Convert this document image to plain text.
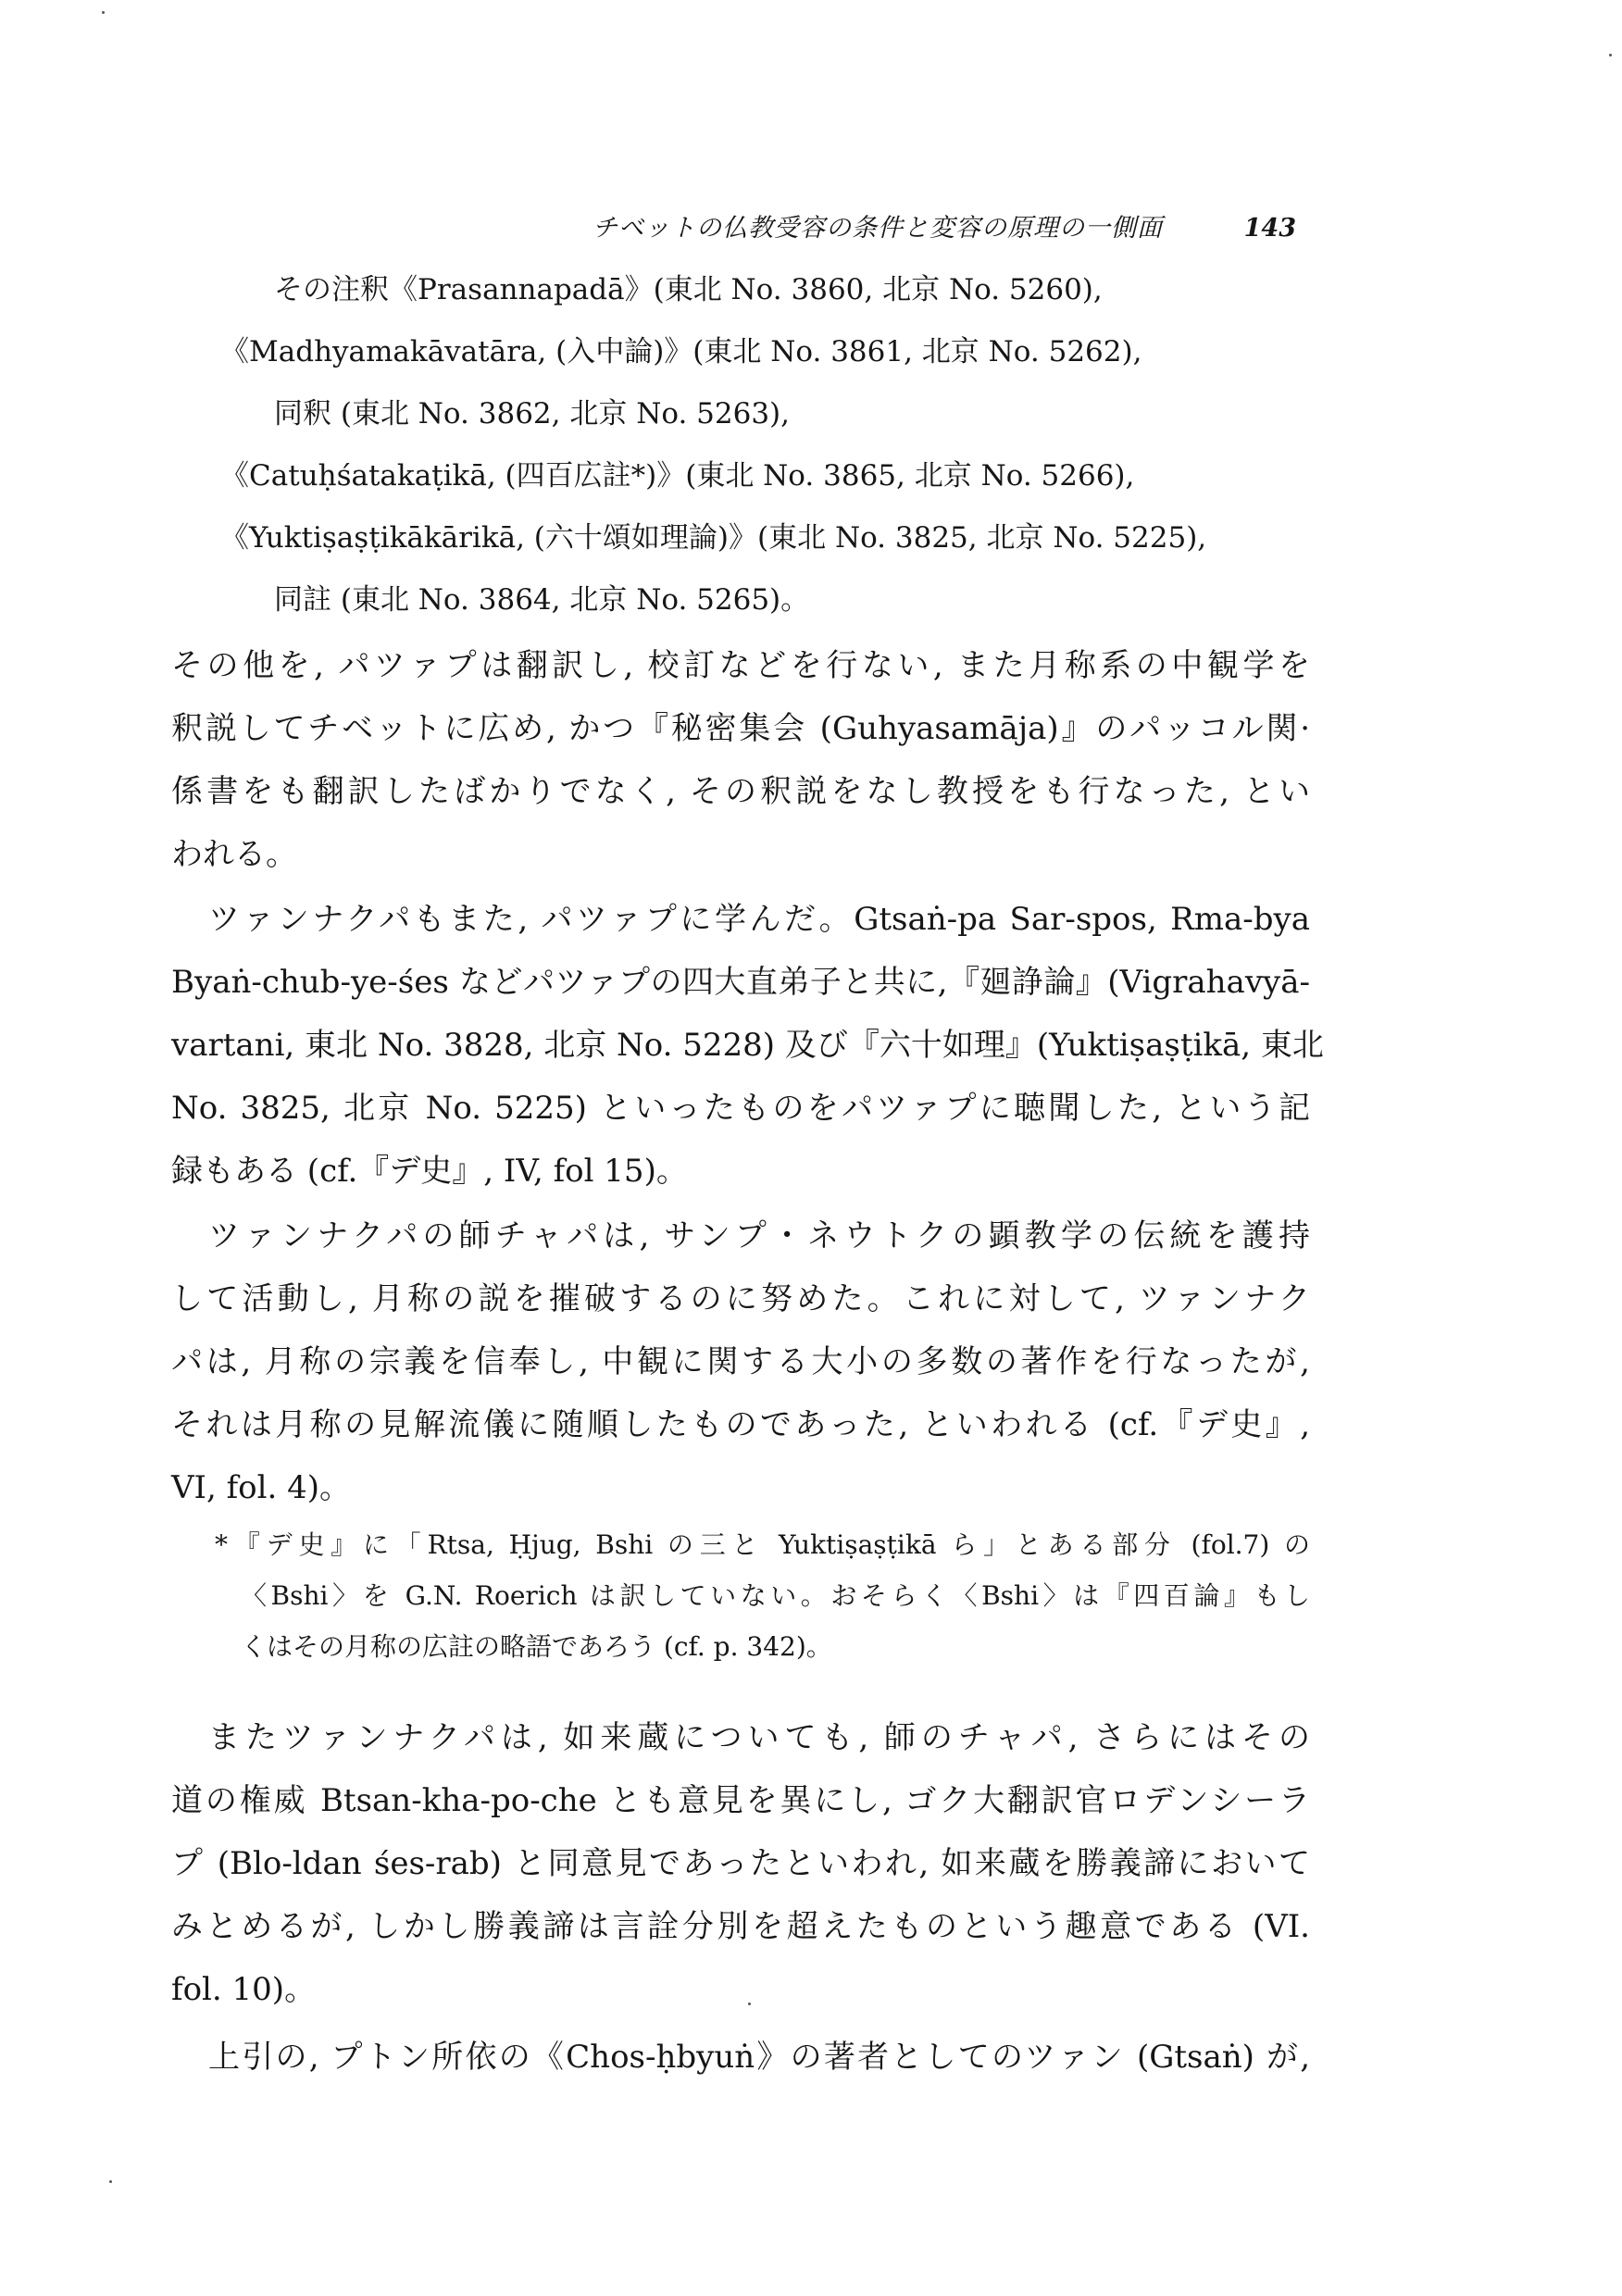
チベットの仏教受容の条件と変容の原理の一側面	143
その注釈《Prasannapadā》(東北 No. 3860, 北京 No. 5260),
《Madhyamakāvatāra, (入中論)》(東北 No. 3861, 北京 No. 5262),
同釈 (東北 No. 3862, 北京 No. 5263),
《Catuḥśatakaṭikā, (四百広註*)》(東北 No. 3865, 北京 No. 5266),
《Yuktiṣaṣṭikākārikā, (六十頌如理論)》(東北 No. 3825, 北京 No. 5225),
同註 (東北 No. 3864, 北京 No. 5265)。
その他を, パツァプは翻訳し, 校訂などを行ない, また月称系の中観学を
釈説してチベットに広め, かつ『秘密集会 (Guhyasamāja)』のパッコル関·
係書をも翻訳したばかりでなく, その釈説をなし教授をも行なった, とい
われる。
ツァンナクパもまた, パツァプに学んだ。Gtsaṅ-pa Sar-spos, Rma-bya
Byaṅ-chub-ye-śes などパツァプの四大直弟子と共に,『廻諍論』(Vigrahavyā-
vartani, 東北 No. 3828, 北京 No. 5228) 及び『六十如理』(Yuktiṣaṣṭikā, 東北
No. 3825, 北京 No. 5225) といったものをパツァプに聴聞した, という記
録もある (cf.『デ史』, IV, fol 15)。
ツァンナクパの師チャパは, サンプ・ネウトクの顕教学の伝統を護持
して活動し, 月称の説を摧破するのに努めた。これに対して, ツァンナク
パは, 月称の宗義を信奉し, 中観に関する大小の多数の著作を行なったが,
それは月称の見解流儀に随順したものであった, といわれる (cf.『デ史』,
VI, fol. 4)。
*『デ史』に「Rtsa, Ḥjug, Bshi の三と Yuktiṣaṣṭikā ら」とある部分 (fol.7) の
〈Bshi〉を G.N. Roerich は訳していない。おそらく〈Bshi〉は『四百論』もし
くはその月称の広註の略語であろう (cf. p. 342)。
またツァンナクパは, 如来蔵についても, 師のチャパ, さらにはその
道の権威 Btsan-kha-po-che とも意見を異にし, ゴク大翻訳官ロデンシーラ
プ (Blo-ldan śes-rab) と同意見であったといわれ, 如来蔵を勝義諦において
みとめるが, しかし勝義諦は言詮分別を超えたものという趣意である (VI.
fol. 10)。
上引の, プトン所依の《Chos-ḥbyuṅ》の著者としてのツァン (Gtsaṅ) が,
